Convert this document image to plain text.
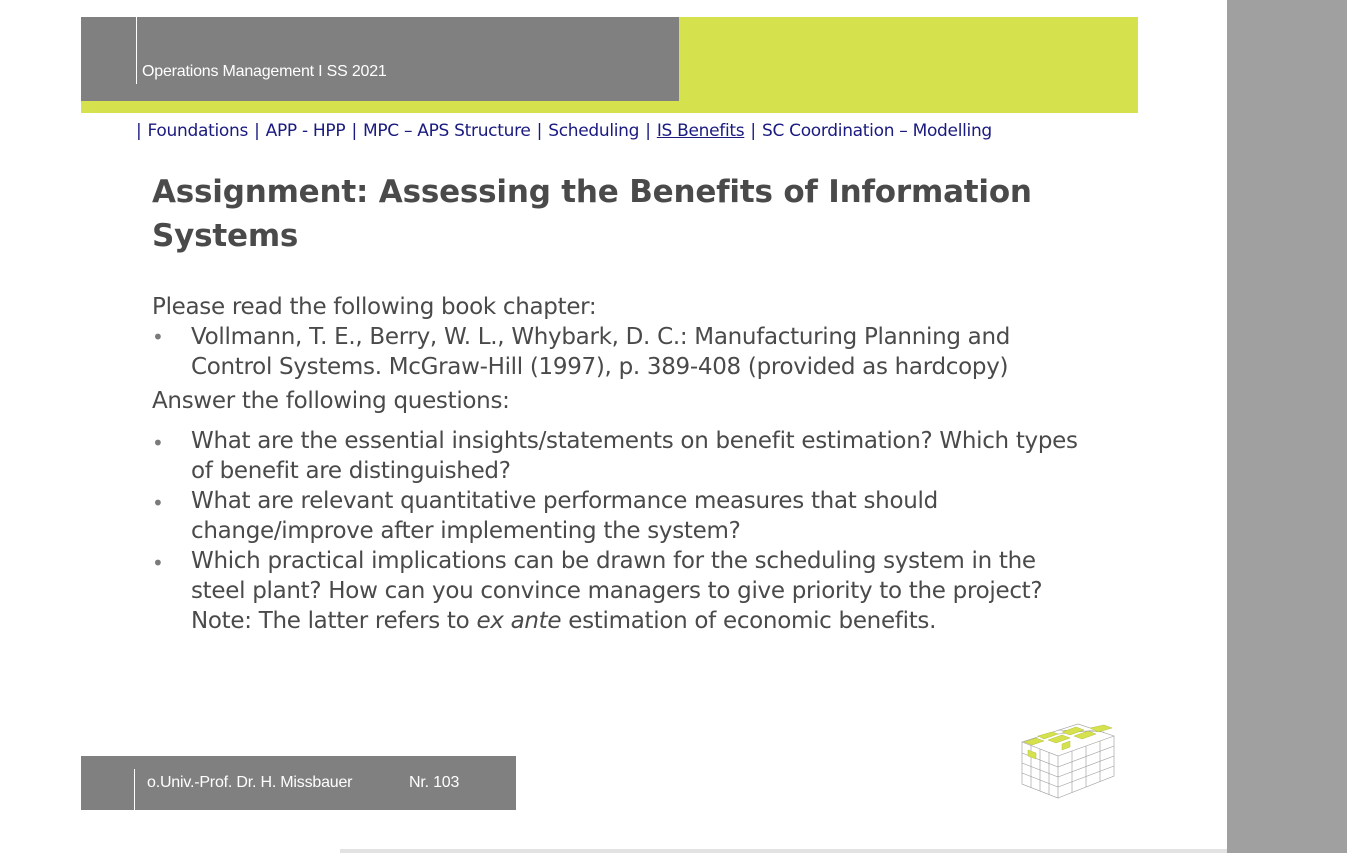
Operations Management I SS 2021
| Foundations | APP - HPP | MPC – APS Structure | Scheduling | IS Benefits | SC Coordination – Modelling
Assignment: Assessing the Benefits of Information Systems

Please read the following book chapter:

• Vollmann, T. E., Berry, W. L., Whybark, D. C.: Manufacturing Planning and Control Systems. McGraw-Hill (1997), p. 389-408 (provided as hardcopy)

Answer the following questions:

• What are the essential insights/statements on benefit estimation? Which types of benefit are distinguished?

• What are relevant quantitative performance measures that should change/improve after implementing the system?

• Which practical implications can be drawn for the scheduling system in the steel plant? How can you convince managers to give priority to the project?
Note: The latter refers to ex ante estimation of economic benefits.

o.Univ.-Prof. Dr. H. Missbauer	Nr. 103
